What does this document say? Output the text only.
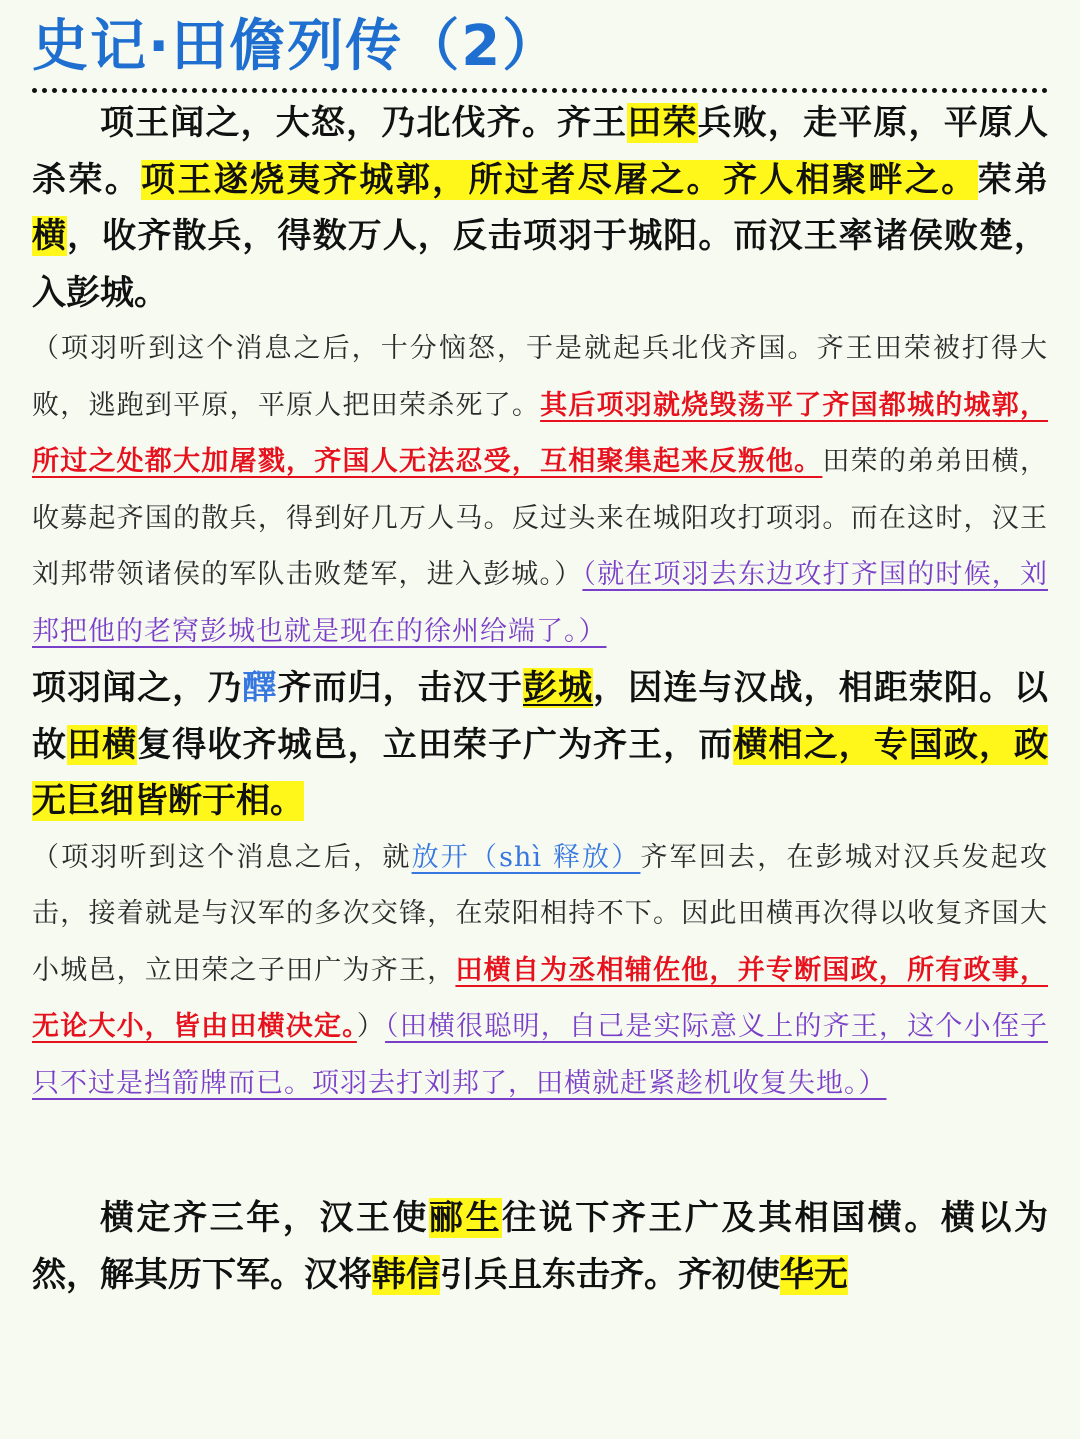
史记·田儋列传（2）

项王闻之，大怒，乃北伐齐。齐王田荣兵败，走平原，平原人杀荣。项王遂烧夷齐城郭，所过者尽屠之。齐人相聚畔之。荣弟横，收齐散兵，得数万人，反击项羽于城阳。而汉王率诸侯败楚，入彭城。

（项羽听到这个消息之后，十分恼怒，于是就起兵北伐齐国。齐王田荣被打得大败，逃跑到平原，平原人把田荣杀死了。其后项羽就烧毁荡平了齐国都城的城郭，所过之处都大加屠戮，齐国人无法忍受，互相聚集起来反叛他。田荣的弟弟田横，收募起齐国的散兵，得到好几万人马。反过头来在城阳攻打项羽。而在这时，汉王刘邦带领诸侯的军队击败楚军，进入彭城。）（就在项羽去东边攻打齐国的时候，刘邦把他的老窝彭城也就是现在的徐州给端了。）

项羽闻之，乃醳齐而归，击汉于彭城，因连与汉战，相距荥阳。以故田横复得收齐城邑，立田荣子广为齐王，而横相之，专国政，政无巨细皆断于相。

（项羽听到这个消息之后，就放开（shì 释放）齐军回去，在彭城对汉兵发起攻击，接着就是与汉军的多次交锋，在荥阳相持不下。因此田横再次得以收复齐国大小城邑，立田荣之子田广为齐王，田横自为丞相辅佐他，并专断国政，所有政事，无论大小，皆由田横决定。）（田横很聪明，自己是实际意义上的齐王，这个小侄子只不过是挡箭牌而已。项羽去打刘邦了，田横就赶紧趁机收复失地。）

横定齐三年，汉王使郦生往说下齐王广及其相国横。横以为然，解其历下军。汉将韩信引兵且东击齐。齐初使华无
